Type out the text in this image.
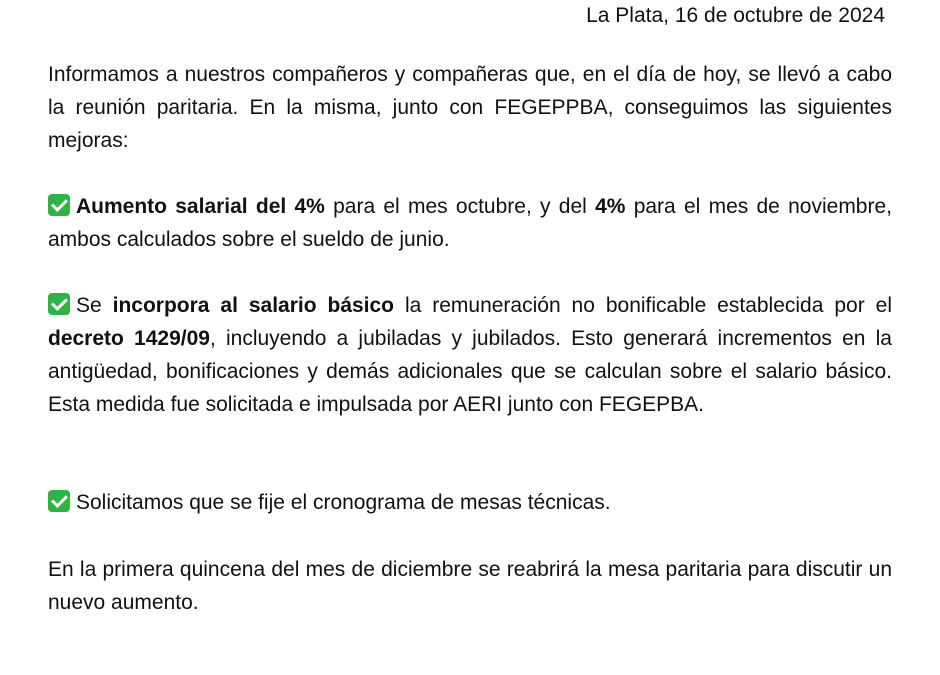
La Plata, 16 de octubre de 2024

Informamos a nuestros compañeros y compañeras que, en el día de hoy, se llevó a cabo la reunión paritaria. En la misma, junto con FEGEPPBA, conseguimos las siguientes mejoras:

Aumento salarial del 4% para el mes octubre, y del 4% para el mes de noviembre, ambos calculados sobre el sueldo de junio.

Se incorpora al salario básico la remuneración no bonificable establecida por el decreto 1429/09, incluyendo a jubiladas y jubilados. Esto generará incrementos en la antigüedad, bonificaciones y demás adicionales que se calculan sobre el salario básico. Esta medida fue solicitada e impulsada por AERI junto con FEGEPBA.

Solicitamos que se fije el cronograma de mesas técnicas.

En la primera quincena del mes de diciembre se reabrirá la mesa paritaria para discutir un nuevo aumento.
